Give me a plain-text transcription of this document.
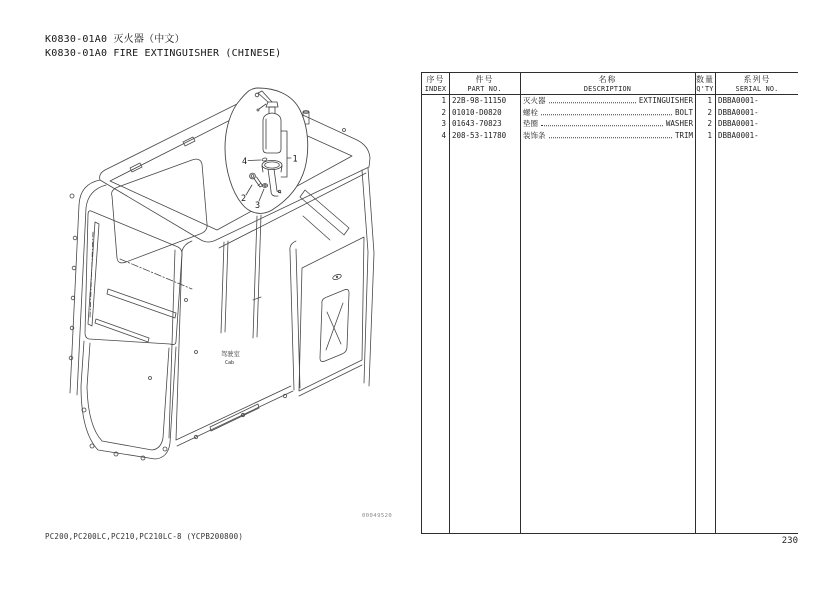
K0830-01A0 灭火器（中文）
K0830-01A0 FIRE EXTINGUISHER (CHINESE)
1
2
3
4
驾驶室
Cab
00049520
序号
INDEX
件号
PART NO.
名称
DESCRIPTION
数量
Q'TY
系列号
SERIAL NO.
1 22B-98-11150	灭火器	EXTINGUISHER	1 DBBA0001-
2 01010-D0820	螺栓	BOLT	2 DBBA0001-
3 01643-70823	垫圈	WASHER	2 DBBA0001-
4 208-53-11780	装饰条	TRIM	1 DBBA0001-
PC200,PC200LC,PC210,PC210LC-8 (YCPB200800)	230
